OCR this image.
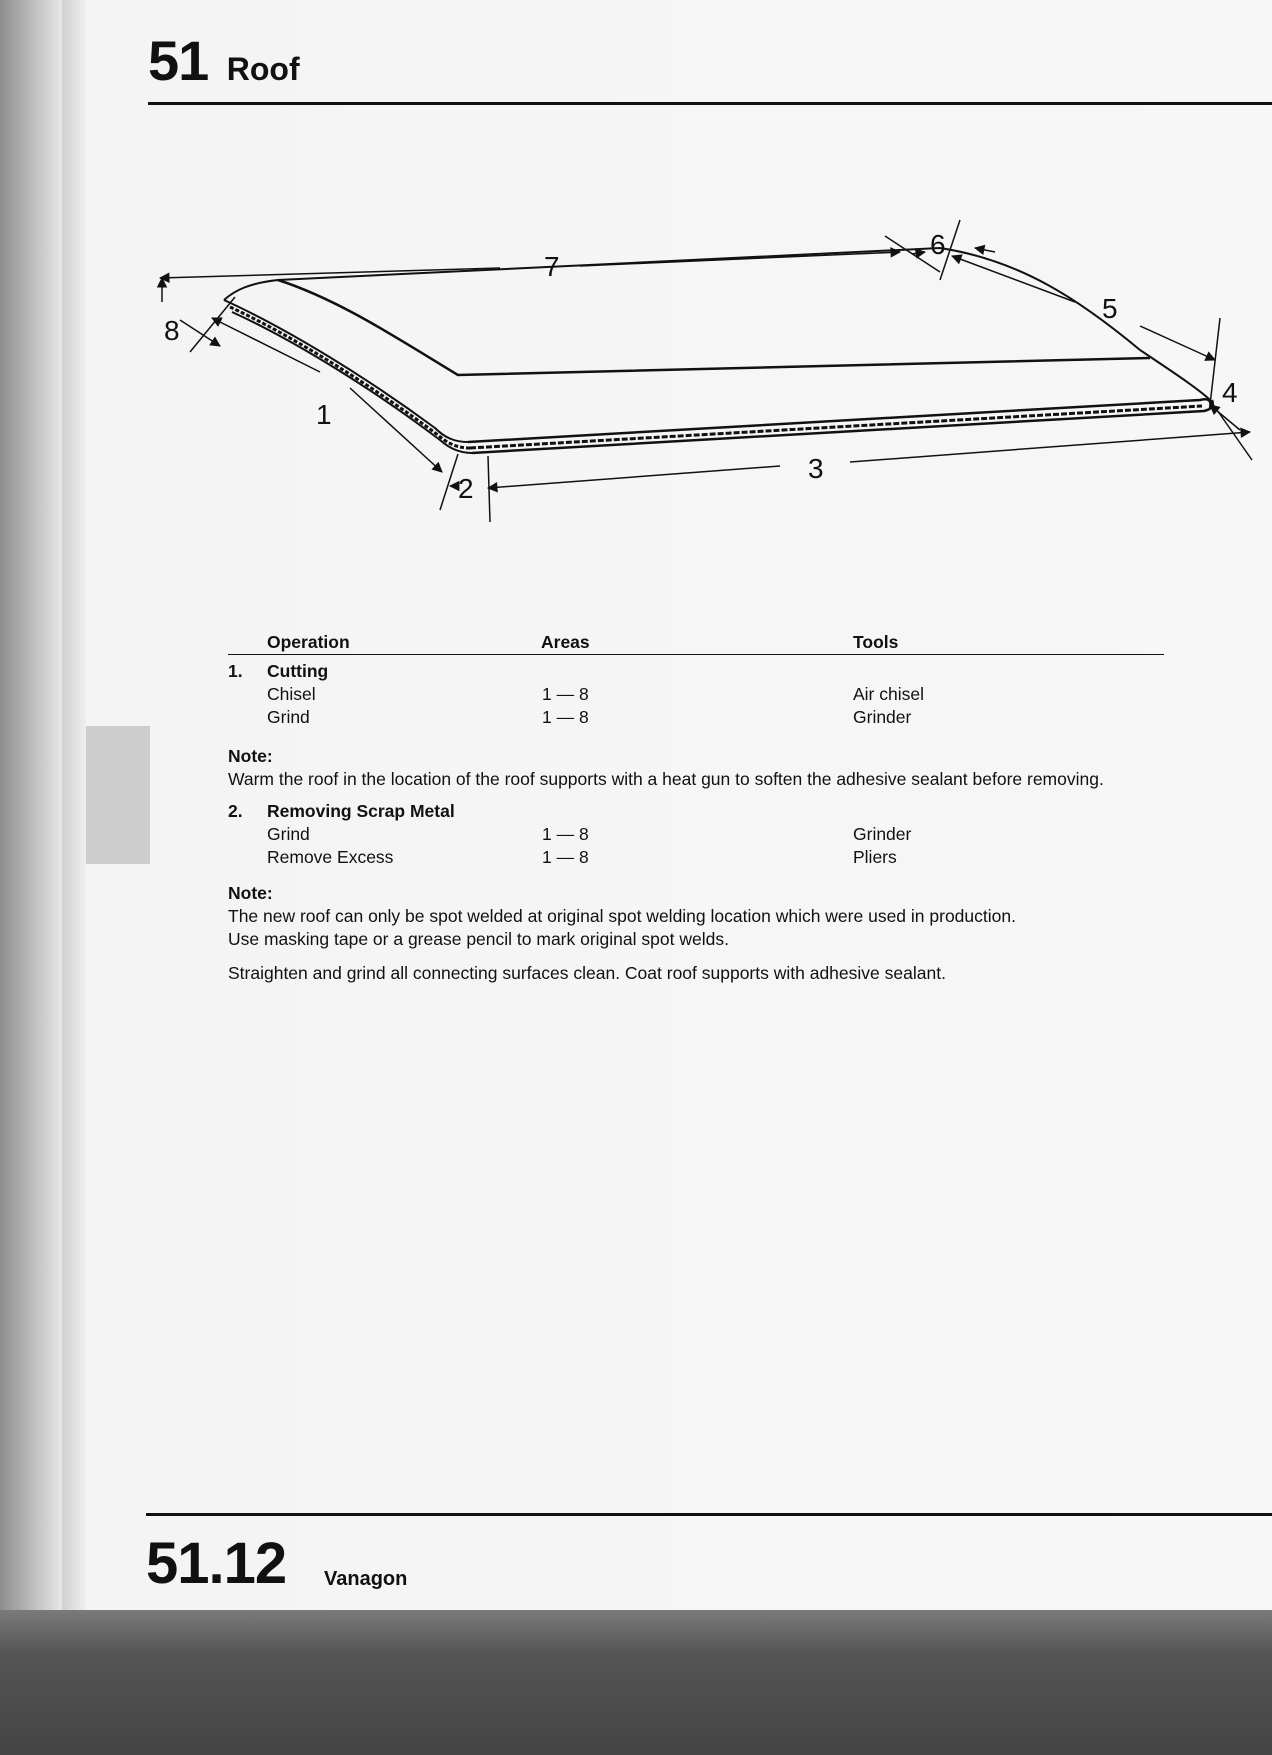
51 Roof
7
6
5
4
3
2
1
8
Operation	Areas	Tools
1. Cutting
Chisel	1 — 8	Air chisel
Grind	1 — 8	Grinder
Note:
Warm the roof in the location of the roof supports with a heat gun to soften the adhesive sealant before removing.
2. Removing Scrap Metal
Grind	1 — 8	Grinder
Remove Excess	1 — 8	Pliers
Note:
The new roof can only be spot welded at original spot welding location which were used in production.
Use masking tape or a grease pencil to mark original spot welds.
Straighten and grind all connecting surfaces clean. Coat roof supports with adhesive sealant.
51.12 Vanagon
